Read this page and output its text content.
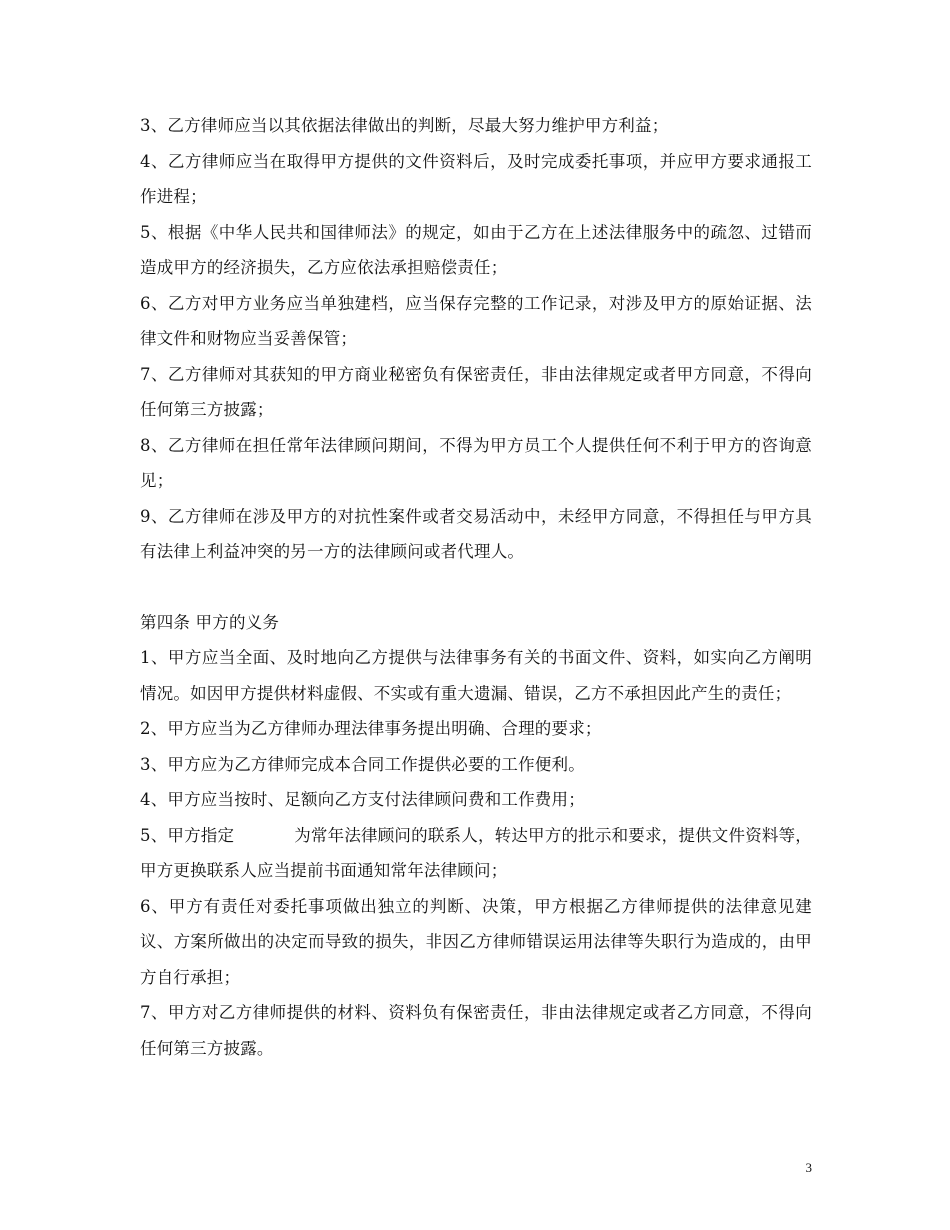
3、乙方律师应当以其依据法律做出的判断，尽最大努力维护甲方利益；

4、乙方律师应当在取得甲方提供的文件资料后，及时完成委托事项，并应甲方要求通报工作进程；

5、根据《中华人民共和国律师法》的规定，如由于乙方在上述法律服务中的疏忽、过错而造成甲方的经济损失，乙方应依法承担赔偿责任；

6、乙方对甲方业务应当单独建档，应当保存完整的工作记录，对涉及甲方的原始证据、法律文件和财物应当妥善保管；

7、乙方律师对其获知的甲方商业秘密负有保密责任，非由法律规定或者甲方同意，不得向任何第三方披露；

8、乙方律师在担任常年法律顾问期间，不得为甲方员工个人提供任何不利于甲方的咨询意见；

9、乙方律师在涉及甲方的对抗性案件或者交易活动中，未经甲方同意，不得担任与甲方具有法律上利益冲突的另一方的法律顾问或者代理人。

第四条 甲方的义务

1、甲方应当全面、及时地向乙方提供与法律事务有关的书面文件、资料，如实向乙方阐明情况。如因甲方提供材料虚假、不实或有重大遗漏、错误，乙方不承担因此产生的责任；

2、甲方应当为乙方律师办理法律事务提出明确、合理的要求；

3、甲方应为乙方律师完成本合同工作提供必要的工作便利。

4、甲方应当按时、足额向乙方支付法律顾问费和工作费用；

5、甲方指定	为常年法律顾问的联系人，转达甲方的批示和要求，提供文件资料等，甲方更换联系人应当提前书面通知常年法律顾问；

6、甲方有责任对委托事项做出独立的判断、决策，甲方根据乙方律师提供的法律意见建议、方案所做出的决定而导致的损失，非因乙方律师错误运用法律等失职行为造成的，由甲方自行承担；

7、甲方对乙方律师提供的材料、资料负有保密责任，非由法律规定或者乙方同意，不得向任何第三方披露。

3
